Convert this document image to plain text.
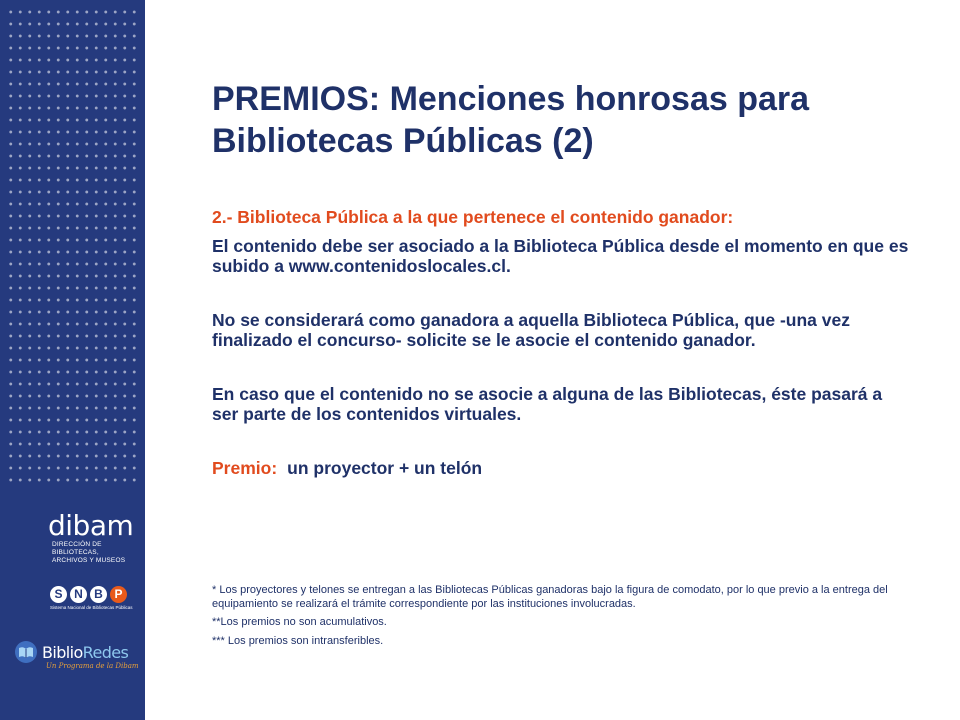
dibam
DIRECCIÓN DE BIBLIOTECAS,
ARCHIVOS Y MUSEOS
S N B P
Sistema Nacional de Bibliotecas Públicas
BiblioRedes
Un Programa de la Dibam
PREMIOS: Menciones honrosas para Bibliotecas Públicas (2)

2.- Biblioteca Pública a la que pertenece el contenido ganador:

El contenido debe ser asociado a la Biblioteca Pública desde el momento en que es subido a www.contenidoslocales.cl.

No se considerará como ganadora a aquella Biblioteca Pública, que -una vez finalizado el concurso- solicite se le asocie el contenido ganador.

En caso que el contenido no se asocie a alguna de las Bibliotecas, éste pasará a ser parte de los contenidos virtuales.

Premio: un proyector + un telón

* Los proyectores y telones se entregan a las Bibliotecas Públicas ganadoras bajo la figura de comodato, por lo que previo a la entrega del equipamiento se realizará el trámite correspondiente por las instituciones involucradas.

**Los premios no son acumulativos.

*** Los premios son intransferibles.
